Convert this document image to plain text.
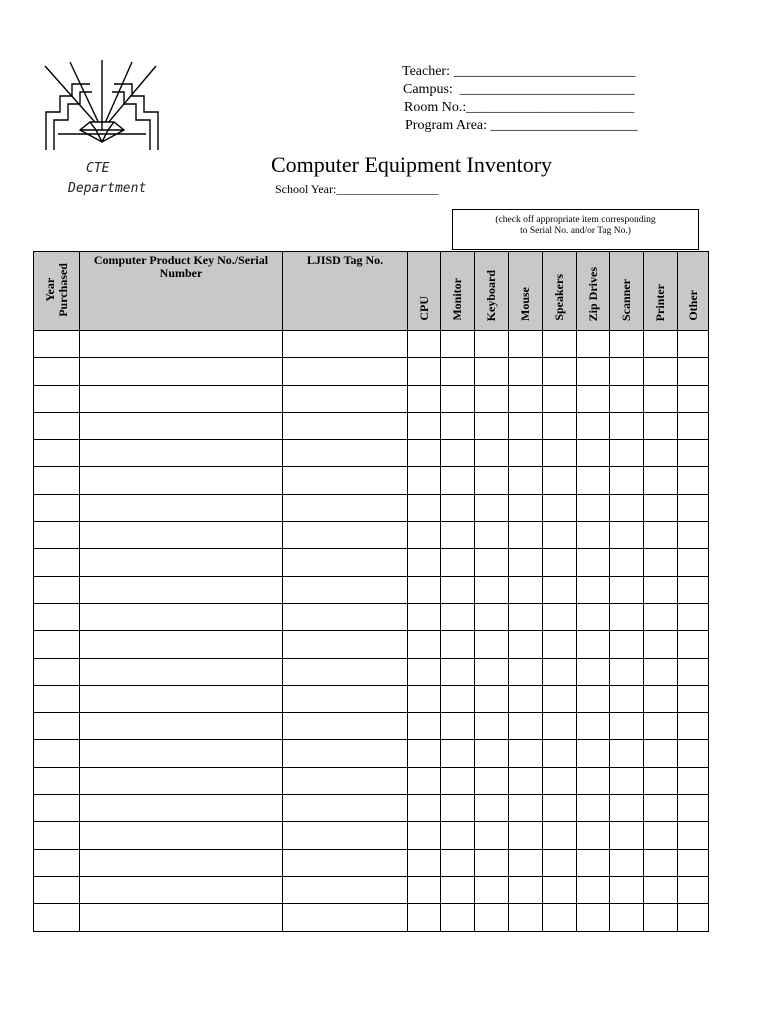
CTE
Department
Teacher: __________________________
Campus:  _________________________
Room No.:________________________
Program Area: _____________________
Computer Equipment Inventory
School Year:_________________
(check off appropriate item corresponding
to Serial No. and/or Tag No.)
Year
Purchased	Computer Product Key No./Serial Number	LJISD Tag No.	CPU	Monitor	Keyboard	Mouse	Speakers	Zip Drives	Scanner	Printer	Other
